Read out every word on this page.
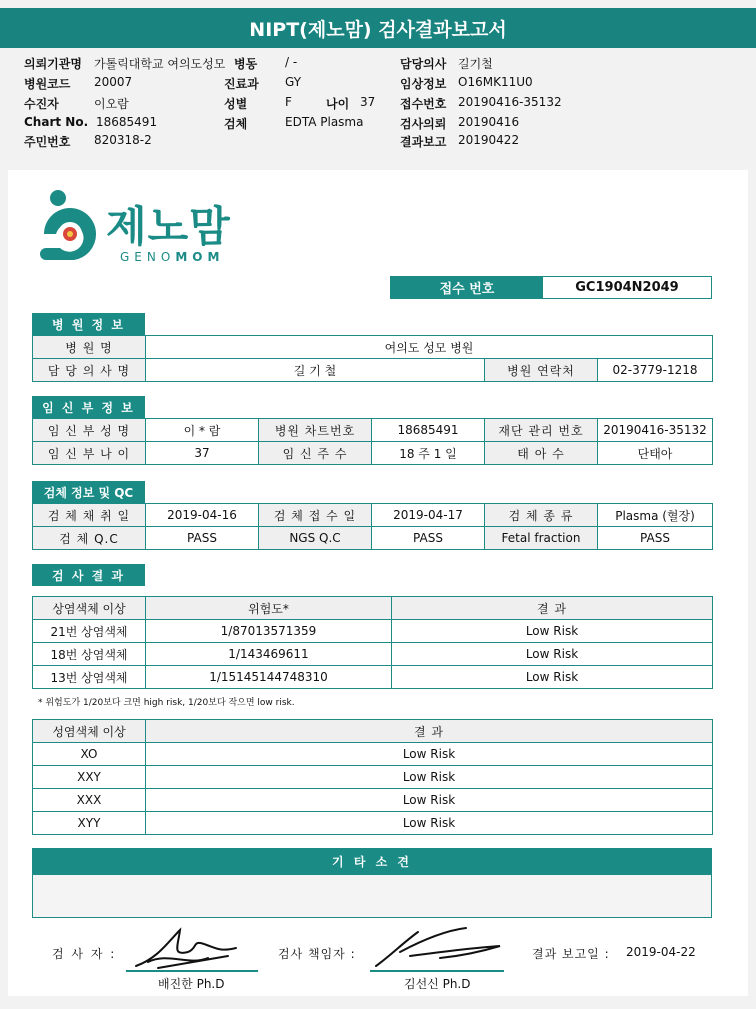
NIPT(제노맘) 검사결과보고서
의뢰기관명 가톨릭대학교 여의도성모 병동 / -	담당의사 길기철
병원코드 20007	진료과 GY	임상정보 O16MK11U0
수진자	이오람	성별	F	나이 37 접수번호 20190416-35132
Chart No. 18685491	검체	EDTA Plasma	검사의뢰 20190416
주민번호 820318-2	결과보고 20190422
제노맘
GENOMOM
접수 번호	GC1904N2049
병 원 정 보
병 원 명	여의도 성모 병원		
담 당 의 사 명	길 기 철	병원 연락처	02-3779-1218
임 신 부 정 보
임 신 부 성 명	이 * 람	병원 차트번호	18685491	재단 관리 번호	20190416-35132
임 신 부 나 이	37	임 신 주 수	18 주 1 일	태 아 수	단태아
검체 정보 및 QC
검 체 채 취 일	2019-04-16	검 체 접 수 일	2019-04-17	검 체 종 류	Plasma (혈장)
검 체 Q.C	PASS	NGS Q.C	PASS	Fetal fraction	PASS
검 사 결 과
상염색체 이상	위험도*	결 과
21번 상염색체	1/87013571359	Low Risk
18번 상염색체	1/143469611	Low Risk
13번 상염색체	1/15145144748310	Low Risk
* 위험도가 1/20보다 크면 high risk, 1/20보다 작으면 low risk.
성염색체 이상	결 과
XO	Low Risk
XXY	Low Risk
XXX	Low Risk
XYY	Low Risk
기 타 소 견
검 사 자 :
배진한 Ph.D
검사 책임자 :
김선신 Ph.D
결과 보고일 : 2019-04-22
